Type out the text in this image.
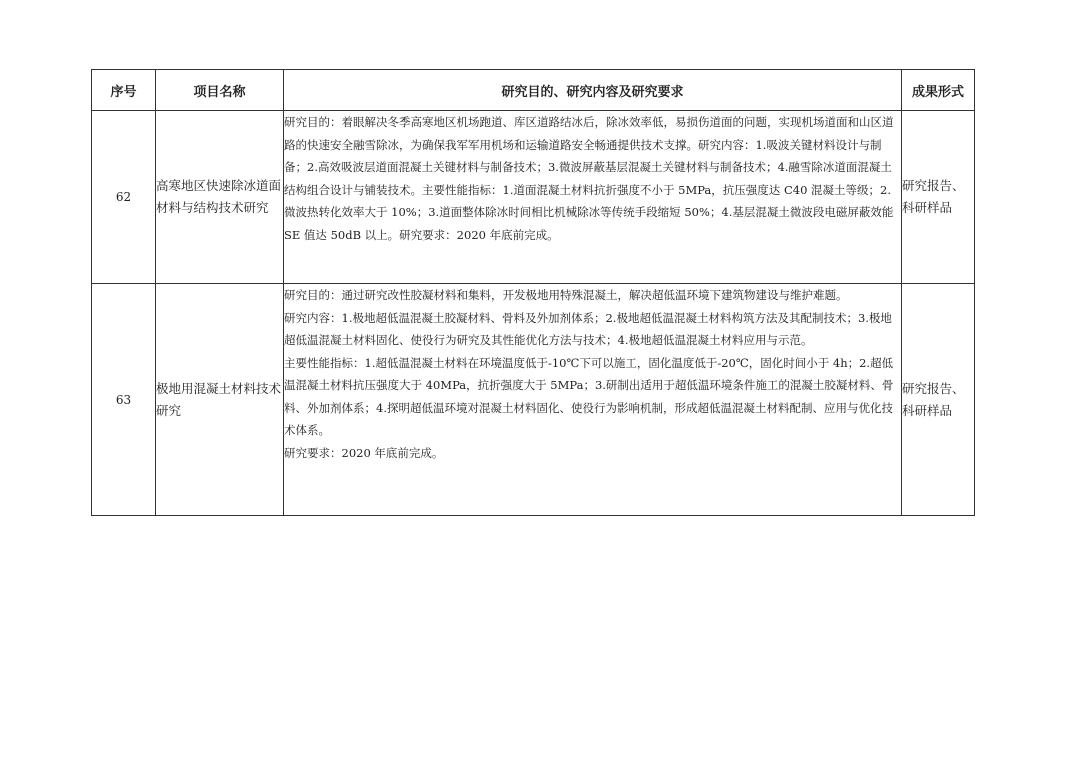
序号	项目名称	研究目的、研究内容及研究要求	成果形式
62	高寒地区快速除冰道面材料与结构技术研究	研究目的：着眼解决冬季高寒地区机场跑道、库区道路结冰后，除冰效率低，易损伤道面的问题，实现机场道面和山区道路的快速安全融雪除冰，为确保我军军用机场和运输道路安全畅通提供技术支撑。研究内容：1.吸波关键材料设计与制备；2.高效吸波层道面混凝土关键材料与制备技术；3.微波屏蔽基层混凝土关键材料与制备技术；4.融雪除冰道面混凝土结构组合设计与铺装技术。主要性能指标：1.道面混凝土材料抗折强度不小于 5MPa，抗压强度达 C40 混凝土等级；2.微波热转化效率大于 10%；3.道面整体除冰时间相比机械除冰等传统手段缩短 50%；4.基层混凝土微波段电磁屏蔽效能 SE 值达 50dB 以上。研究要求：2020 年底前完成。	研究报告、科研样品
63	极地用混凝土材料技术研究	研究目的：通过研究改性胶凝材料和集料，开发极地用特殊混凝土，解决超低温环境下建筑物建设与维护难题。
研究内容：1.极地超低温混凝土胶凝材料、骨料及外加剂体系；2.极地超低温混凝土材料构筑方法及其配制技术；3.极地超低温混凝土材料固化、使役行为研究及其性能优化方法与技术；4.极地超低温混凝土材料应用与示范。
主要性能指标：1.超低温混凝土材料在环境温度低于-10℃下可以施工，固化温度低于-20℃，固化时间小于 4h；2.超低温混凝土材料抗压强度大于 40MPa，抗折强度大于 5MPa；3.研制出适用于超低温环境条件施工的混凝土胶凝材料、骨料、外加剂体系；4.探明超低温环境对混凝土材料固化、使役行为影响机制，形成超低温混凝土材料配制、应用与优化技术体系。
研究要求：2020 年底前完成。	研究报告、科研样品
